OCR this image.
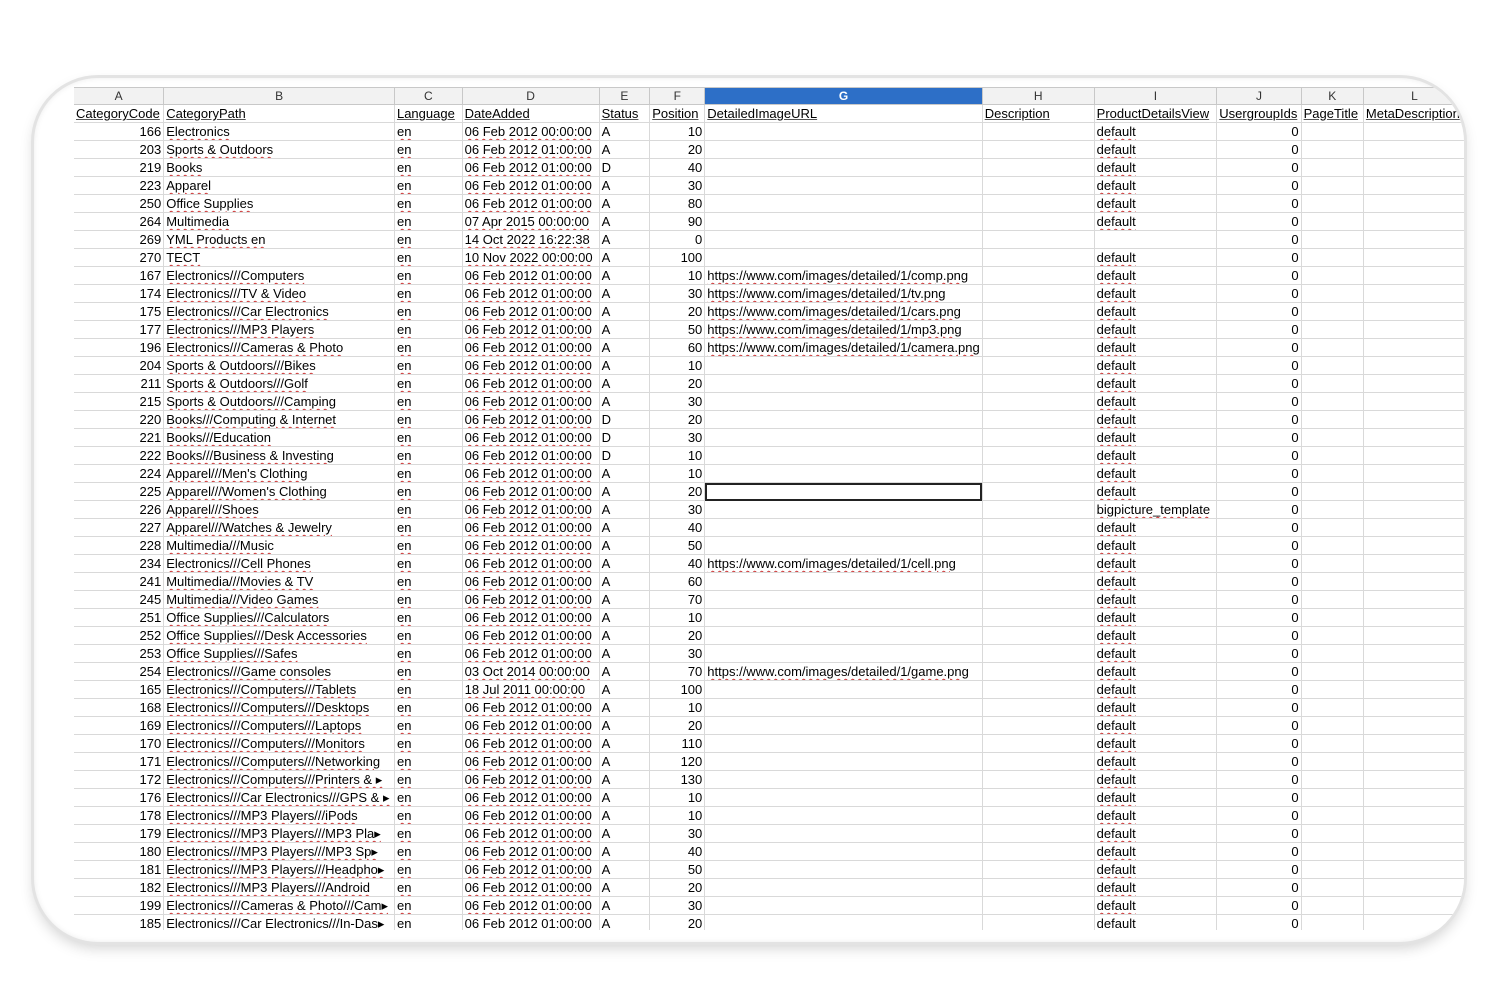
A	B	C	D	E	F	G	H	I	J	K	L
CategoryCode	CategoryPath	Language	DateAdded	Status	Position	DetailedImageURL	Description	ProductDetailsView	UsergroupIds	PageTitle	MetaDescription
166	Electronics	en	06 Feb 2012 00:00:00	A	10			default	0		
203	Sports & Outdoors	en	06 Feb 2012 01:00:00	A	20			default	0		
219	Books	en	06 Feb 2012 01:00:00	D	40			default	0		
223	Apparel	en	06 Feb 2012 01:00:00	A	30			default	0		
250	Office Supplies	en	06 Feb 2012 01:00:00	A	80			default	0		
264	Multimedia	en	07 Apr 2015 00:00:00	A	90			default	0		
269	YML Products en	en	14 Oct 2022 16:22:38	A	0				0		
270	TECT	en	10 Nov 2022 00:00:00	A	100			default	0		
167	Electronics///Computers	en	06 Feb 2012 01:00:00	A	10	https://www.com/images/detailed/1/comp.png		default	0		
174	Electronics///TV & Video	en	06 Feb 2012 01:00:00	A	30	https://www.com/images/detailed/1/tv.png		default	0		
175	Electronics///Car Electronics	en	06 Feb 2012 01:00:00	A	20	https://www.com/images/detailed/1/cars.png		default	0		
177	Electronics///MP3 Players	en	06 Feb 2012 01:00:00	A	50	https://www.com/images/detailed/1/mp3.png		default	0		
196	Electronics///Cameras & Photo	en	06 Feb 2012 01:00:00	A	60	https://www.com/images/detailed/1/camera.png		default	0		
204	Sports & Outdoors///Bikes	en	06 Feb 2012 01:00:00	A	10			default	0		
211	Sports & Outdoors///Golf	en	06 Feb 2012 01:00:00	A	20			default	0		
215	Sports & Outdoors///Camping	en	06 Feb 2012 01:00:00	A	30			default	0		
220	Books///Computing & Internet	en	06 Feb 2012 01:00:00	D	20			default	0		
221	Books///Education	en	06 Feb 2012 01:00:00	D	30			default	0		
222	Books///Business & Investing	en	06 Feb 2012 01:00:00	D	10			default	0		
224	Apparel///Men's Clothing	en	06 Feb 2012 01:00:00	A	10			default	0		
225	Apparel///Women's Clothing	en	06 Feb 2012 01:00:00	A	20			default	0		
226	Apparel///Shoes	en	06 Feb 2012 01:00:00	A	30			bigpicture_template	0		
227	Apparel///Watches & Jewelry	en	06 Feb 2012 01:00:00	A	40			default	0		
228	Multimedia///Music	en	06 Feb 2012 01:00:00	A	50			default	0		
234	Electronics///Cell Phones	en	06 Feb 2012 01:00:00	A	40	https://www.com/images/detailed/1/cell.png		default	0		
241	Multimedia///Movies & TV	en	06 Feb 2012 01:00:00	A	60			default	0		
245	Multimedia///Video Games	en	06 Feb 2012 01:00:00	A	70			default	0		
251	Office Supplies///Calculators	en	06 Feb 2012 01:00:00	A	10			default	0		
252	Office Supplies///Desk Accessories	en	06 Feb 2012 01:00:00	A	20			default	0		
253	Office Supplies///Safes	en	06 Feb 2012 01:00:00	A	30			default	0		
254	Electronics///Game consoles	en	03 Oct 2014 00:00:00	A	70	https://www.com/images/detailed/1/game.png		default	0		
165	Electronics///Computers///Tablets	en	18 Jul 2011 00:00:00	A	100			default	0		
168	Electronics///Computers///Desktops	en	06 Feb 2012 01:00:00	A	10			default	0		
169	Electronics///Computers///Laptops	en	06 Feb 2012 01:00:00	A	20			default	0		
170	Electronics///Computers///Monitors	en	06 Feb 2012 01:00:00	A	110			default	0		
171	Electronics///Computers///Networking	en	06 Feb 2012 01:00:00	A	120			default	0		
172	Electronics///Computers///Printers & ▸	en	06 Feb 2012 01:00:00	A	130			default	0		
176	Electronics///Car Electronics///GPS & ▸	en	06 Feb 2012 01:00:00	A	10			default	0		
178	Electronics///MP3 Players///iPods	en	06 Feb 2012 01:00:00	A	10			default	0		
179	Electronics///MP3 Players///MP3 Pla▸	en	06 Feb 2012 01:00:00	A	30			default	0		
180	Electronics///MP3 Players///MP3 Sp▸	en	06 Feb 2012 01:00:00	A	40			default	0		
181	Electronics///MP3 Players///Headpho▸	en	06 Feb 2012 01:00:00	A	50			default	0		
182	Electronics///MP3 Players///Android	en	06 Feb 2012 01:00:00	A	20			default	0		
199	Electronics///Cameras & Photo///Cam▸	en	06 Feb 2012 01:00:00	A	30			default	0		
185	Electronics///Car Electronics///In-Das▸	en	06 Feb 2012 01:00:00	A	20			default	0		
